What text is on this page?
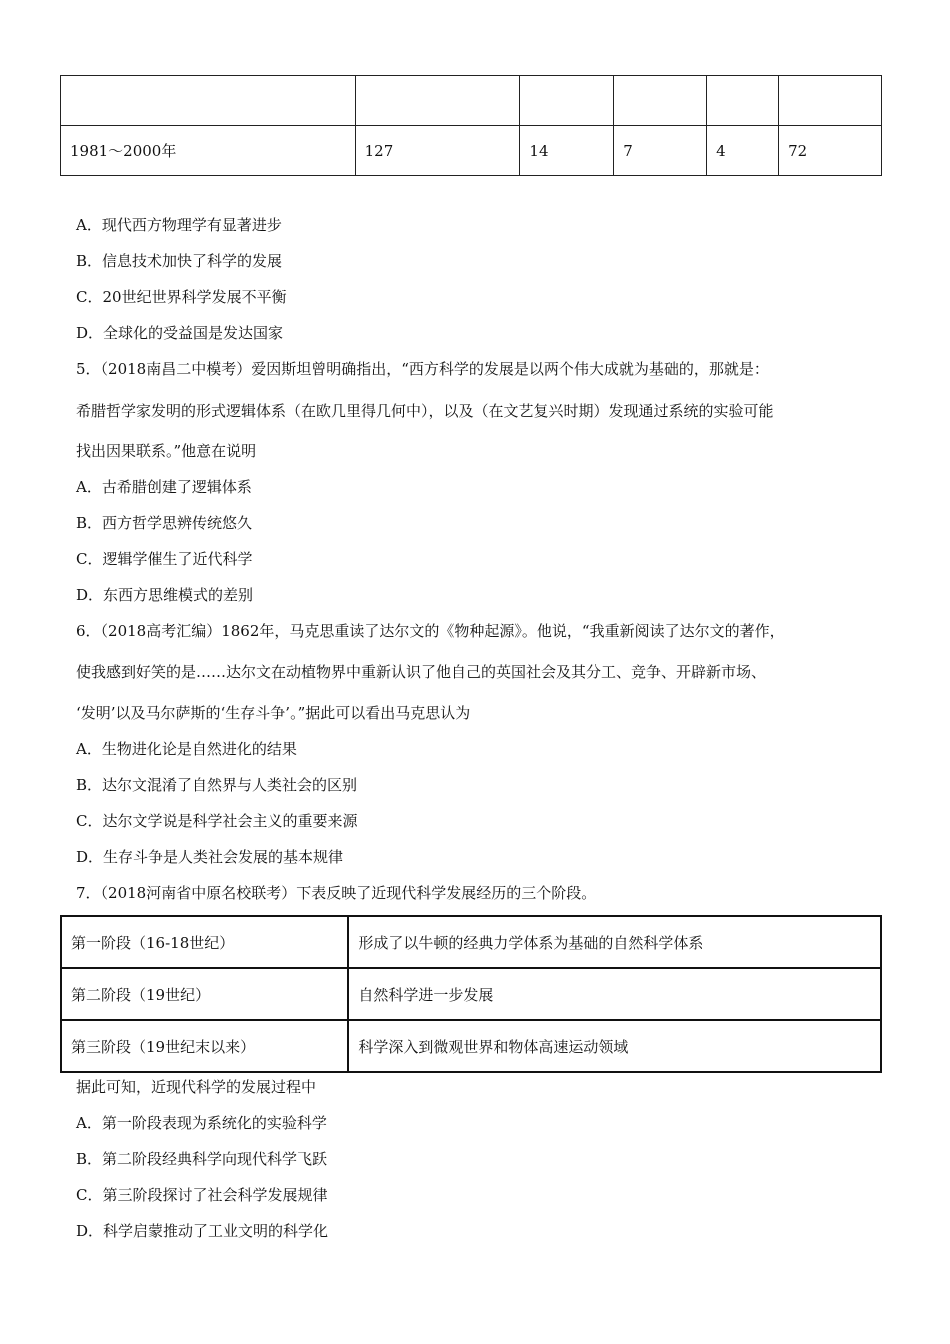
1981～2000年	127	14	7	4	72
A．现代西方物理学有显著进步
B．信息技术加快了科学的发展
C．20世纪世界科学发展不平衡
D．全球化的受益国是发达国家
5．（2018南昌二中模考）爱因斯坦曾明确指出，“西方科学的发展是以两个伟大成就为基础的，那就是：
希腊哲学家发明的形式逻辑体系（在欧几里得几何中），以及（在文艺复兴时期）发现通过系统的实验可能
找出因果联系。”他意在说明
A．古希腊创建了逻辑体系
B．西方哲学思辨传统悠久
C．逻辑学催生了近代科学
D．东西方思维模式的差别
6．（2018高考汇编）1862年，马克思重读了达尔文的《物种起源》。他说，“我重新阅读了达尔文的著作，
使我感到好笑的是……达尔文在动植物界中重新认识了他自己的英国社会及其分工、竞争、开辟新市场、
‘发明’以及马尔萨斯的‘生存斗争’。”据此可以看出马克思认为
A．生物进化论是自然进化的结果
B．达尔文混淆了自然界与人类社会的区别
C．达尔文学说是科学社会主义的重要来源
D．生存斗争是人类社会发展的基本规律
7．（2018河南省中原名校联考）下表反映了近现代科学发展经历的三个阶段。
第一阶段（16-18世纪）	形成了以牛顿的经典力学体系为基础的自然科学体系
第二阶段（19世纪）	自然科学进一步发展
第三阶段（19世纪末以来）	科学深入到微观世界和物体高速运动领域
据此可知，近现代科学的发展过程中
A．第一阶段表现为系统化的实验科学
B．第二阶段经典科学向现代科学飞跃
C．第三阶段探讨了社会科学发展规律
D．科学启蒙推动了工业文明的科学化
